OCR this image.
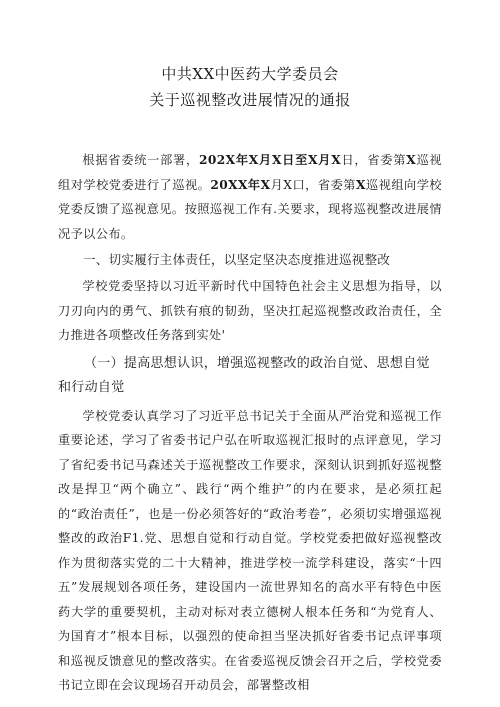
中共XX中医药大学委员会
关于巡视整改进展情况的通报

根据省委统一部署，202X年X月X日至X月X日，省委第X巡视组对学校党委进行了巡视。20XX年X月X口，省委第X巡视组向学校党委反馈了巡视意见。按照巡视工作有.关要求，现将巡视整改进展情况予以公布。

一、切实履行主体责任，以坚定坚决态度推进巡视整改

学校党委坚持以习近平新时代中国特色社会主义思想为指导，以刀刃向内的勇气、抓铁有痕的韧劲，坚决扛起巡视整改政治责任，全力推进各项整改任务落到实处'

（一）提高思想认识，增强巡视整改的政治自觉、思想自觉和行动自觉

学校党委认真学习了习近平总书记关于全面从严治党和巡视工作重要论述，学习了省委书记户弘在听取巡视汇报时的点评意见，学习了省纪委书记马森述关于巡视整改工作要求，深刻认识到抓好巡视整改是捍卫“两个确立”、践行“两个维护”的内在要求，是必须扛起的“政治责任”，也是一份必须答好的“政治考卷”，必须切实增强巡视整改的政治F1.党、思想自觉和行动自觉。学校党委把做好巡视整改作为贯彻落实党的二十大精神，推进学校一流学科建设，落实“十四五”发展规划各项任务，建设国内一流世界知名的高水平有特色中医药大学的重要契机，主动对标对表立德树人根本任务和“为党育人、为国育才”根本目标，以强烈的使命担当坚决抓好省委书记点评事项和巡视反馈意见的整改落实。在省委巡视反馈会召开之后，学校党委书记立即在会议现场召开动员会，部署整改相
